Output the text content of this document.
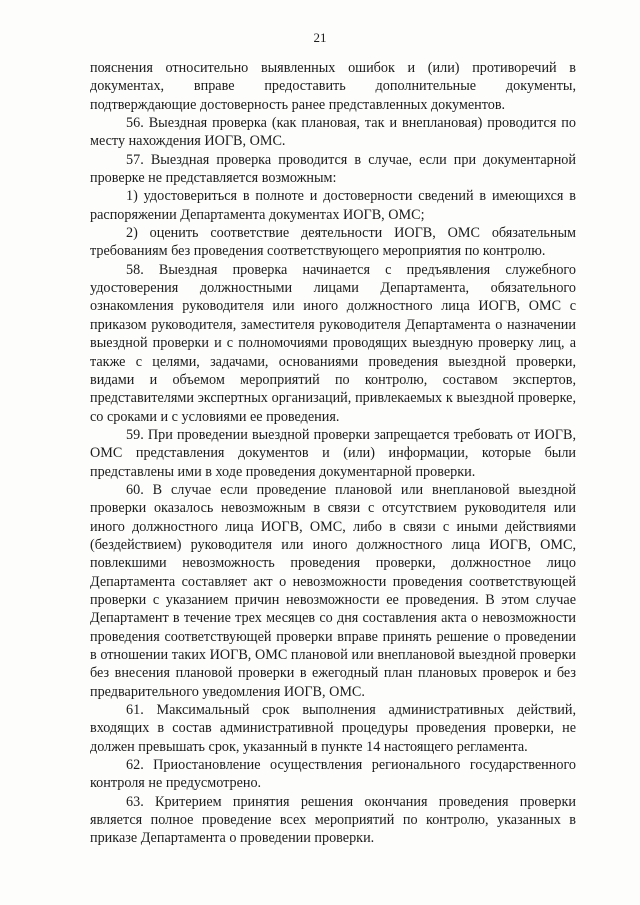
21

пояснения относительно выявленных ошибок и (или) противоречий в документах, вправе предоставить дополнительные документы, подтверждающие достоверность ранее представленных документов.

56. Выездная проверка (как плановая, так и внеплановая) проводится по месту нахождения ИОГВ, ОМС.

57. Выездная проверка проводится в случае, если при документарной проверке не представляется возможным:

1) удостовериться в полноте и достоверности сведений в имеющихся в распоряжении Департамента документах ИОГВ, ОМС;

2) оценить соответствие деятельности ИОГВ, ОМС обязательным требованиям без проведения соответствующего мероприятия по контролю.

58. Выездная проверка начинается с предъявления служебного удостоверения должностными лицами Департамента, обязательного ознакомления руководителя или иного должностного лица ИОГВ, ОМС с приказом руководителя, заместителя руководителя Департамента о назначении выездной проверки и с полномочиями проводящих выездную проверку лиц, а также с целями, задачами, основаниями проведения выездной проверки, видами и объемом мероприятий по контролю, составом экспертов, представителями экспертных организаций, привлекаемых к выездной проверке, со сроками и с условиями ее проведения.

59. При проведении выездной проверки запрещается требовать от ИОГВ, ОМС представления документов и (или) информации, которые были представлены ими в ходе проведения документарной проверки.

60. В случае если проведение плановой или внеплановой выездной проверки оказалось невозможным в связи с отсутствием руководителя или иного должностного лица ИОГВ, ОМС, либо в связи с иными действиями (бездействием) руководителя или иного должностного лица ИОГВ, ОМС, повлекшими невозможность проведения проверки, должностное лицо Департамента составляет акт о невозможности проведения соответствующей проверки с указанием причин невозможности ее проведения. В этом случае Департамент в течение трех месяцев со дня составления акта о невозможности проведения соответствующей проверки вправе принять решение о проведении в отношении таких ИОГВ, ОМС плановой или внеплановой выездной проверки без внесения плановой проверки в ежегодный план плановых проверок и без предварительного уведомления ИОГВ, ОМС.

61. Максимальный срок выполнения административных действий, входящих в состав административной процедуры проведения проверки, не должен превышать срок, указанный в пункте 14 настоящего регламента.

62. Приостановление осуществления регионального государственного контроля не предусмотрено.

63. Критерием принятия решения окончания проведения проверки является полное проведение всех мероприятий по контролю, указанных в приказе Департамента о проведении проверки.
